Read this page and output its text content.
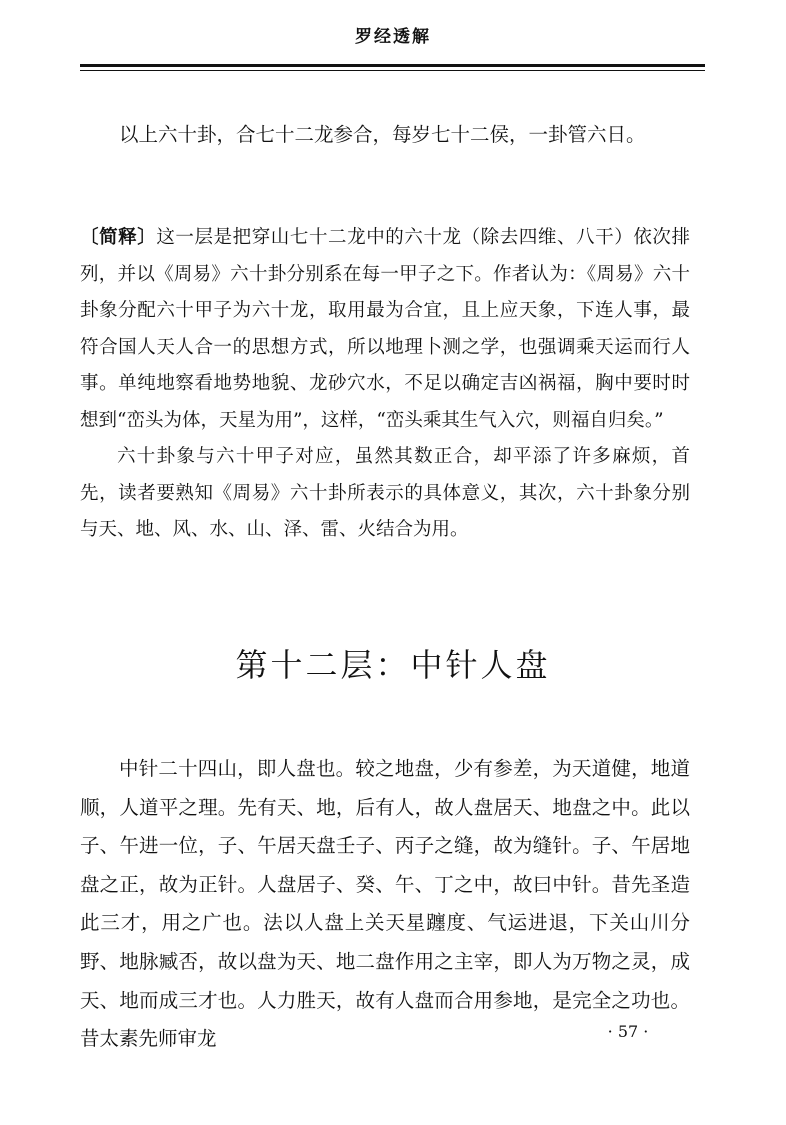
罗经透解

以上六十卦，合七十二龙参合，每岁七十二侯，一卦管六日。

〔简释〕这一层是把穿山七十二龙中的六十龙（除去四维、八干）依次排列，并以《周易》六十卦分别系在每一甲子之下。作者认为：《周易》六十卦象分配六十甲子为六十龙，取用最为合宜，且上应天象，下连人事，最符合国人天人合一的思想方式，所以地理卜测之学，也强调乘天运而行人事。单纯地察看地势地貌、龙砂穴水，不足以确定吉凶祸福，胸中要时时想到“峦头为体，天星为用”，这样，“峦头乘其生气入穴，则福自归矣。”

六十卦象与六十甲子对应，虽然其数正合，却平添了许多麻烦，首先，读者要熟知《周易》六十卦所表示的具体意义，其次，六十卦象分别与天、地、风、水、山、泽、雷、火结合为用。

第十二层：中针人盘

中针二十四山，即人盘也。较之地盘，少有参差，为天道健，地道顺，人道平之理。先有天、地，后有人，故人盘居天、地盘之中。此以子、午进一位，子、午居天盘壬子、丙子之缝，故为缝针。子、午居地盘之正，故为正针。人盘居子、癸、午、丁之中，故曰中针。昔先圣造此三才，用之广也。法以人盘上关天星躔度、气运进退，下关山川分野、地脉臧否，故以盘为天、地二盘作用之主宰，即人为万物之灵，成天、地而成三才也。人力胜天，故有人盘而合用参地，是完全之功也。昔太素先师审龙	· 57 ·
